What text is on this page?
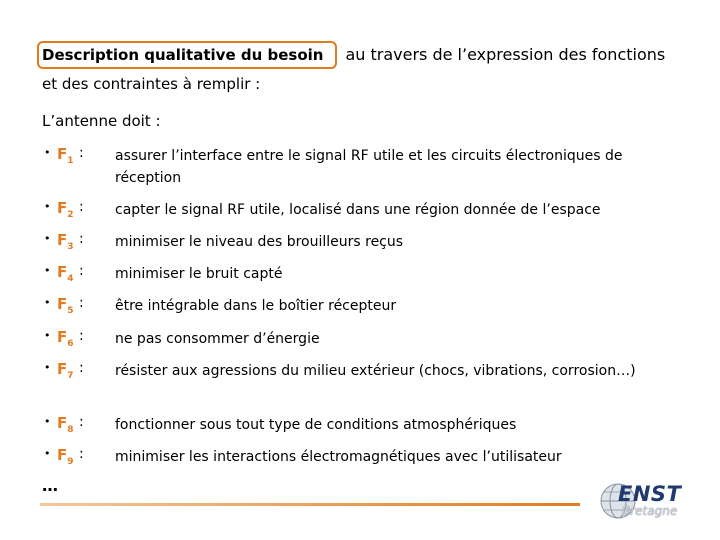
Description qualitative du besoin au travers de l’expression des fonctions
et des contraintes à remplir :
L’antenne doit :
• $F_1$ : assurer l’interface entre le signal RF utile et les circuits électroniques de réception
• $F_2$ : capter le signal RF utile, localisé dans une région donnée de l’espace
• $F_3$ : minimiser le niveau des brouilleurs reçus
• $F_4$ : minimiser le bruit capté
• $F_5$ : être intégrable dans le boîtier récepteur
• $F_6$ : ne pas consommer d’énergie
• $F_7$ : résister aux agressions du milieu extérieur (chocs, vibrations, corrosion…)
• $F_8$ : fonctionner sous tout type de conditions atmosphériques
• $F_9$ : minimiser les interactions électromagnétiques avec l’utilisateur
…	ENST
Bretagne
